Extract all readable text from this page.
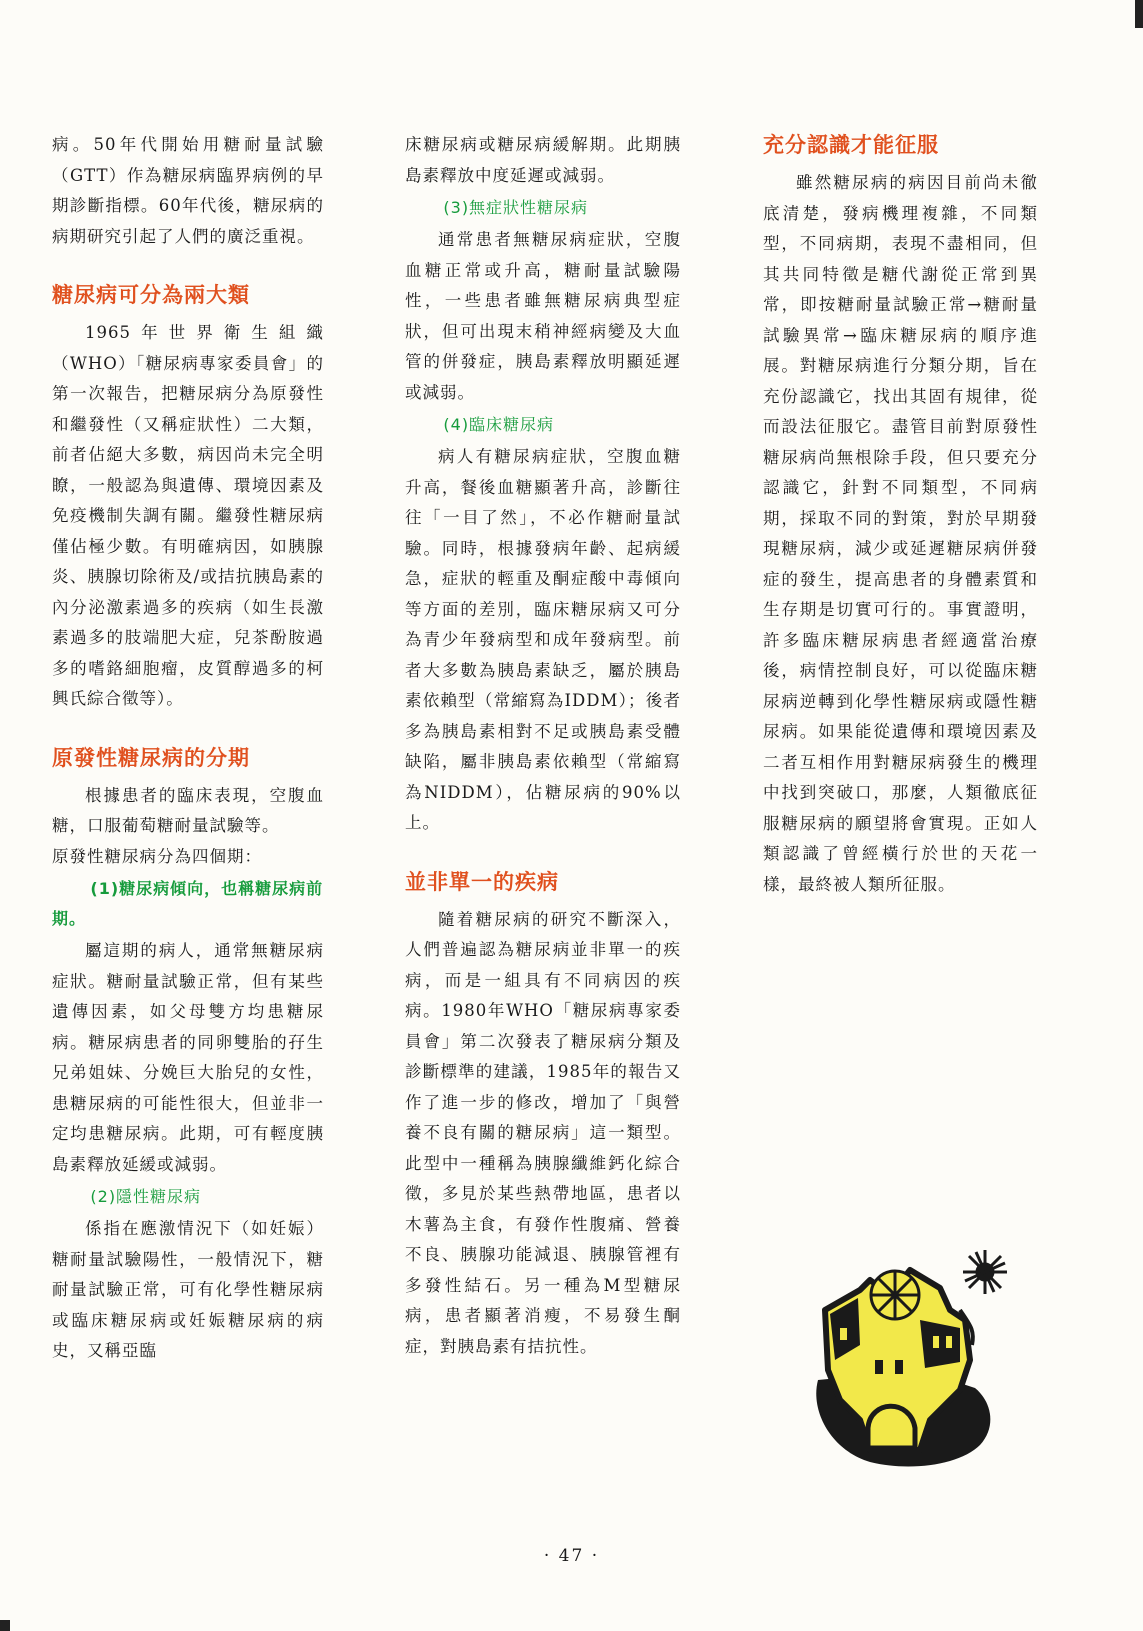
病。50年代開始用糖耐量試驗（GTT）作為糖尿病臨界病例的早期診斷指標。60年代後，糖尿病的病期研究引起了人們的廣泛重視。

糖尿病可分為兩大類

1965年世界衛生組織（WHO）「糖尿病專家委員會」的第一次報告，把糖尿病分為原發性和繼發性（又稱症狀性）二大類，前者佔絕大多數，病因尚未完全明瞭，一般認為與遺傳、環境因素及免疫機制失調有關。繼發性糖尿病僅佔極少數。有明確病因，如胰腺炎、胰腺切除術及/或拮抗胰島素的內分泌激素過多的疾病（如生長激素過多的肢端肥大症，兒茶酚胺過多的嗜鉻細胞瘤，皮質醇過多的柯興氏綜合徵等）。

原發性糖尿病的分期

根據患者的臨床表現，空腹血糖，口服葡萄糖耐量試驗等。

原發性糖尿病分為四個期：

(1)糖尿病傾向，也稱糖尿病前期。

屬這期的病人，通常無糖尿病症狀。糖耐量試驗正常，但有某些遺傳因素，如父母雙方均患糖尿病。糖尿病患者的同卵雙胎的孖生兄弟姐妹、分娩巨大胎兒的女性，患糖尿病的可能性很大，但並非一定均患糖尿病。此期，可有輕度胰島素釋放延緩或減弱。

(2)隱性糖尿病

係指在應激情況下（如妊娠）糖耐量試驗陽性，一般情況下，糖耐量試驗正常，可有化學性糖尿病或臨床糖尿病或妊娠糖尿病的病史，又稱亞臨

床糖尿病或糖尿病緩解期。此期胰島素釋放中度延遲或減弱。

(3)無症狀性糖尿病

通常患者無糖尿病症狀，空腹血糖正常或升高，糖耐量試驗陽性，一些患者雖無糖尿病典型症狀，但可出現末稍神經病變及大血管的併發症，胰島素釋放明顯延遲或減弱。

(4)臨床糖尿病

病人有糖尿病症狀，空腹血糖升高，餐後血糖顯著升高，診斷往往「一目了然」，不必作糖耐量試驗。同時，根據發病年齡、起病緩急，症狀的輕重及酮症酸中毒傾向等方面的差別，臨床糖尿病又可分為青少年發病型和成年發病型。前者大多數為胰島素缺乏，屬於胰島素依賴型（常縮寫為IDDM）；後者多為胰島素相對不足或胰島素受體缺陷，屬非胰島素依賴型（常縮寫為NIDDM），佔糖尿病的90%以上。

並非單一的疾病

隨着糖尿病的研究不斷深入，人們普遍認為糖尿病並非單一的疾病，而是一組具有不同病因的疾病。1980年WHO「糖尿病專家委員會」第二次發表了糖尿病分類及診斷標準的建議，1985年的報告又作了進一步的修改，增加了「與營養不良有關的糖尿病」這一類型。此型中一種稱為胰腺纖維鈣化綜合徵，多見於某些熱帶地區，患者以木薯為主食，有發作性腹痛、營養不良、胰腺功能減退、胰腺管裡有多發性結石。另一種為M型糖尿病，患者顯著消瘦，不易發生酮症，對胰島素有拮抗性。

充分認識才能征服

雖然糖尿病的病因目前尚未徹底清楚，發病機理複雜，不同類型，不同病期，表現不盡相同，但其共同特徵是糖代謝從正常到異常，即按糖耐量試驗正常→糖耐量試驗異常→臨床糖尿病的順序進展。對糖尿病進行分類分期，旨在充份認識它，找出其固有規律，從而設法征服它。盡管目前對原發性糖尿病尚無根除手段，但只要充分認識它，針對不同類型，不同病期，採取不同的對策，對於早期發現糖尿病，減少或延遲糖尿病併發症的發生，提高患者的身體素質和生存期是切實可行的。事實證明，許多臨床糖尿病患者經適當治療後，病情控制良好，可以從臨床糖尿病逆轉到化學性糖尿病或隱性糖尿病。如果能從遺傳和環境因素及二者互相作用對糖尿病發生的機理中找到突破口，那麼，人類徹底征服糖尿病的願望將會實現。正如人類認識了曾經橫行於世的天花一樣，最終被人類所征服。

· 47 ·
